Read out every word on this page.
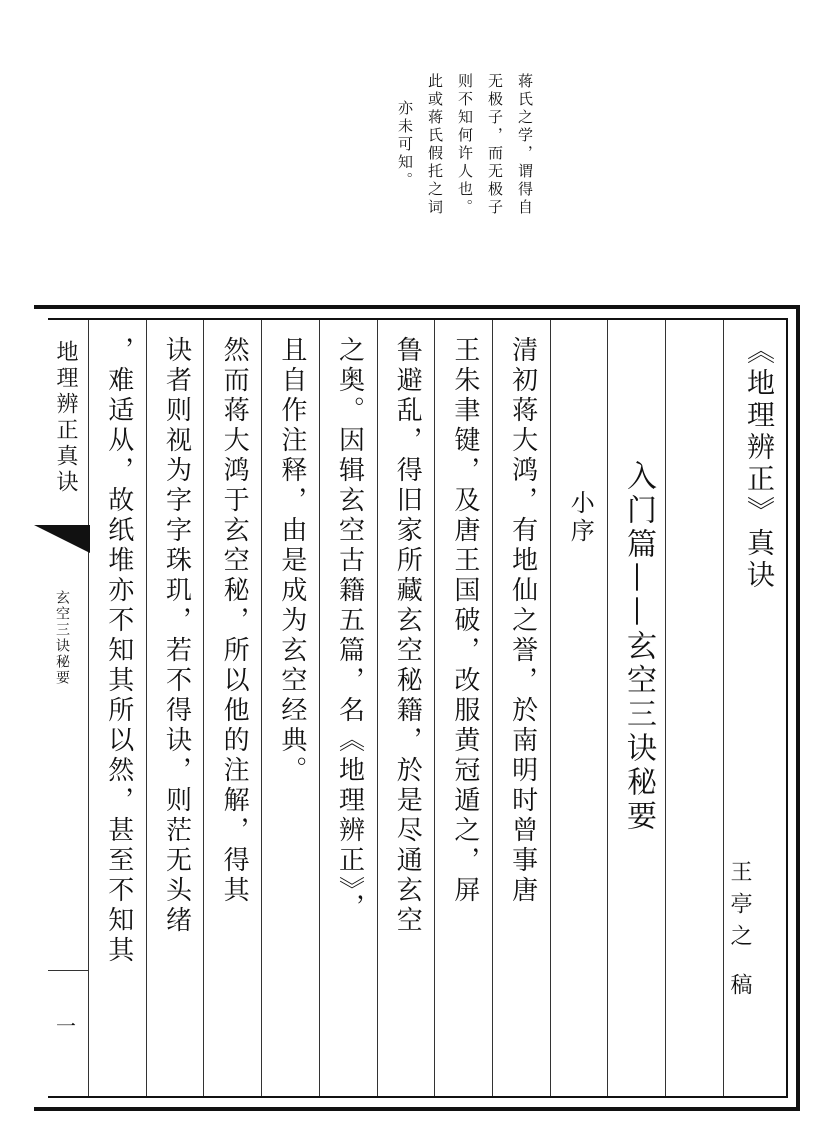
蒋氏之学，谓得自
无极子，而无极子
则不知何许人也。
此或蒋氏假托之词
亦未可知。
《地理辨正》真诀
入门篇——玄空三诀秘要
小序
清初蒋大鸿，有地仙之誉，於南明时曾事唐
王朱聿键，及唐王国破，改服黄冠遁之，屏
鲁避乱，得旧家所藏玄空秘籍，於是尽通玄空
之奥。因辑玄空古籍五篇，名《地理辨正》，
且自作注释，由是成为玄空经典。
然而蒋大鸿于玄空秘，所以他的注解，得其
诀者则视为字字珠玑，若不得诀，则茫无头绪
，难适从，故纸堆亦不知其所以然，甚至不知其	王亭之 稿
地理辨正真诀
玄空三诀秘要
一
